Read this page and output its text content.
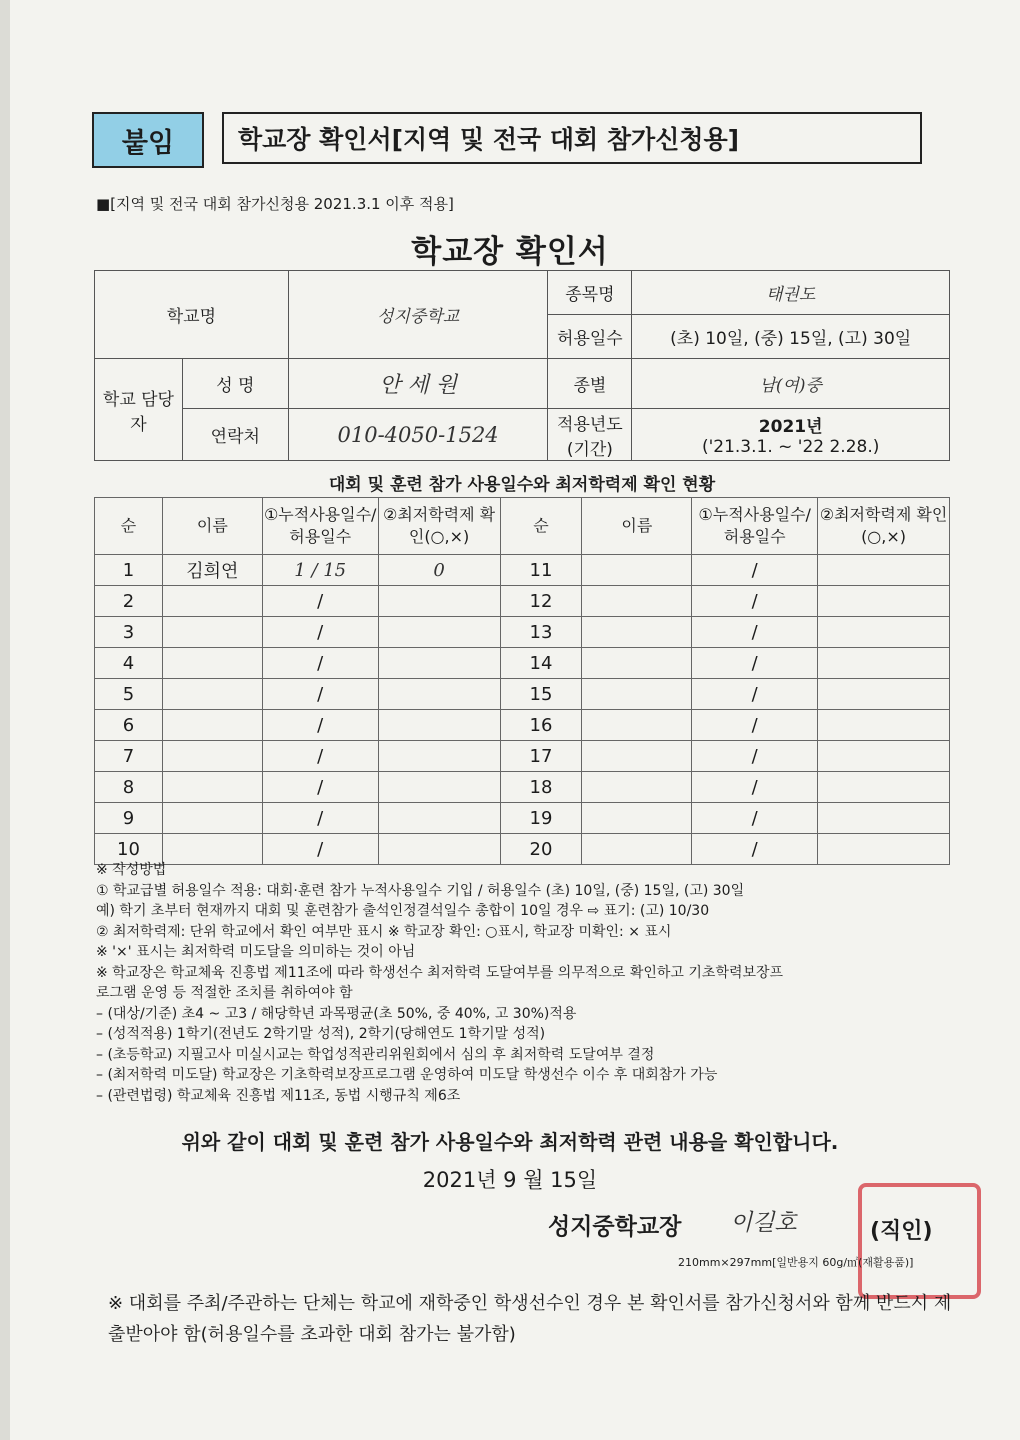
붙임	학교장 확인서[지역 및 전국 대회 참가신청용]
■[지역 및 전국 대회 참가신청용 2021.3.1 이후 적용]
학교장 확인서
학교명		성지중학교	종목명	태권도
			허용일수	(초) 10일, (중) 15일, (고) 30일
학교 담당자	성 명	안 세 원	종별	남(여)중
	연락처	010-4050-1524	적용년도 (기간)	2021년
('21.3.1. ~ '22 2.28.)
대회 및 훈련 참가 사용일수와 최저학력제 확인 현황
순	이름	①누적사용일수/ 허용일수	②최저학력제 확인(○,×)	순	이름	①누적사용일수/ 허용일수	②최저학력제 확인(○,×)
1	김희연	1 / 15	0	11		/	
2		/		12		/	
3		/		13		/	
4		/		14		/	
5		/		15		/	
6		/		16		/	
7		/		17		/	
8		/		18		/	
9		/		19		/	
10		/		20		/	
※ 작성방법
① 학교급별 허용일수 적용: 대회·훈련 참가 누적사용일수 기입 / 허용일수 (초) 10일, (중) 15일, (고) 30일
예) 학기 초부터 현재까지 대회 및 훈련참가 출석인정결석일수 총합이 10일 경우 ⇨ 표기: (고) 10/30
② 최저학력제: 단위 학교에서 확인 여부만 표시 ※ 학교장 확인: ○표시, 학교장 미확인: × 표시
※ '×' 표시는 최저학력 미도달을 의미하는 것이 아님
※ 학교장은 학교체육 진흥법 제11조에 따라 학생선수 최저학력 도달여부를 의무적으로 확인하고 기초학력보장프
로그램 운영 등 적절한 조치를 취하여야 함
– (대상/기준) 초4 ~ 고3 / 해당학년 과목평균(초 50%, 중 40%, 고 30%)적용
– (성적적용) 1학기(전년도 2학기말 성적), 2학기(당해연도 1학기말 성적)
– (초등학교) 지필고사 미실시교는 학업성적관리위원회에서 심의 후 최저학력 도달여부 결정
– (최저학력 미도달) 학교장은 기초학력보장프로그램 운영하여 미도달 학생선수 이수 후 대회참가 가능
– (관련법령) 학교체육 진흥법 제11조, 동법 시행규칙 제6조
위와 같이 대회 및 훈련 참가 사용일수와 최저학력 관련 내용을 확인합니다.
2021년 9 월 15일
성지중학교장 이길호	(직인)
210mm×297mm[일반용지 60g/㎡(재활용품)]
※ 대회를 주최/주관하는 단체는 학교에 재학중인 학생선수인 경우 본 확인서를 참가신청서와 함께 반드시 제출받아야 함(허용일수를 초과한 대회 참가는 불가함)
